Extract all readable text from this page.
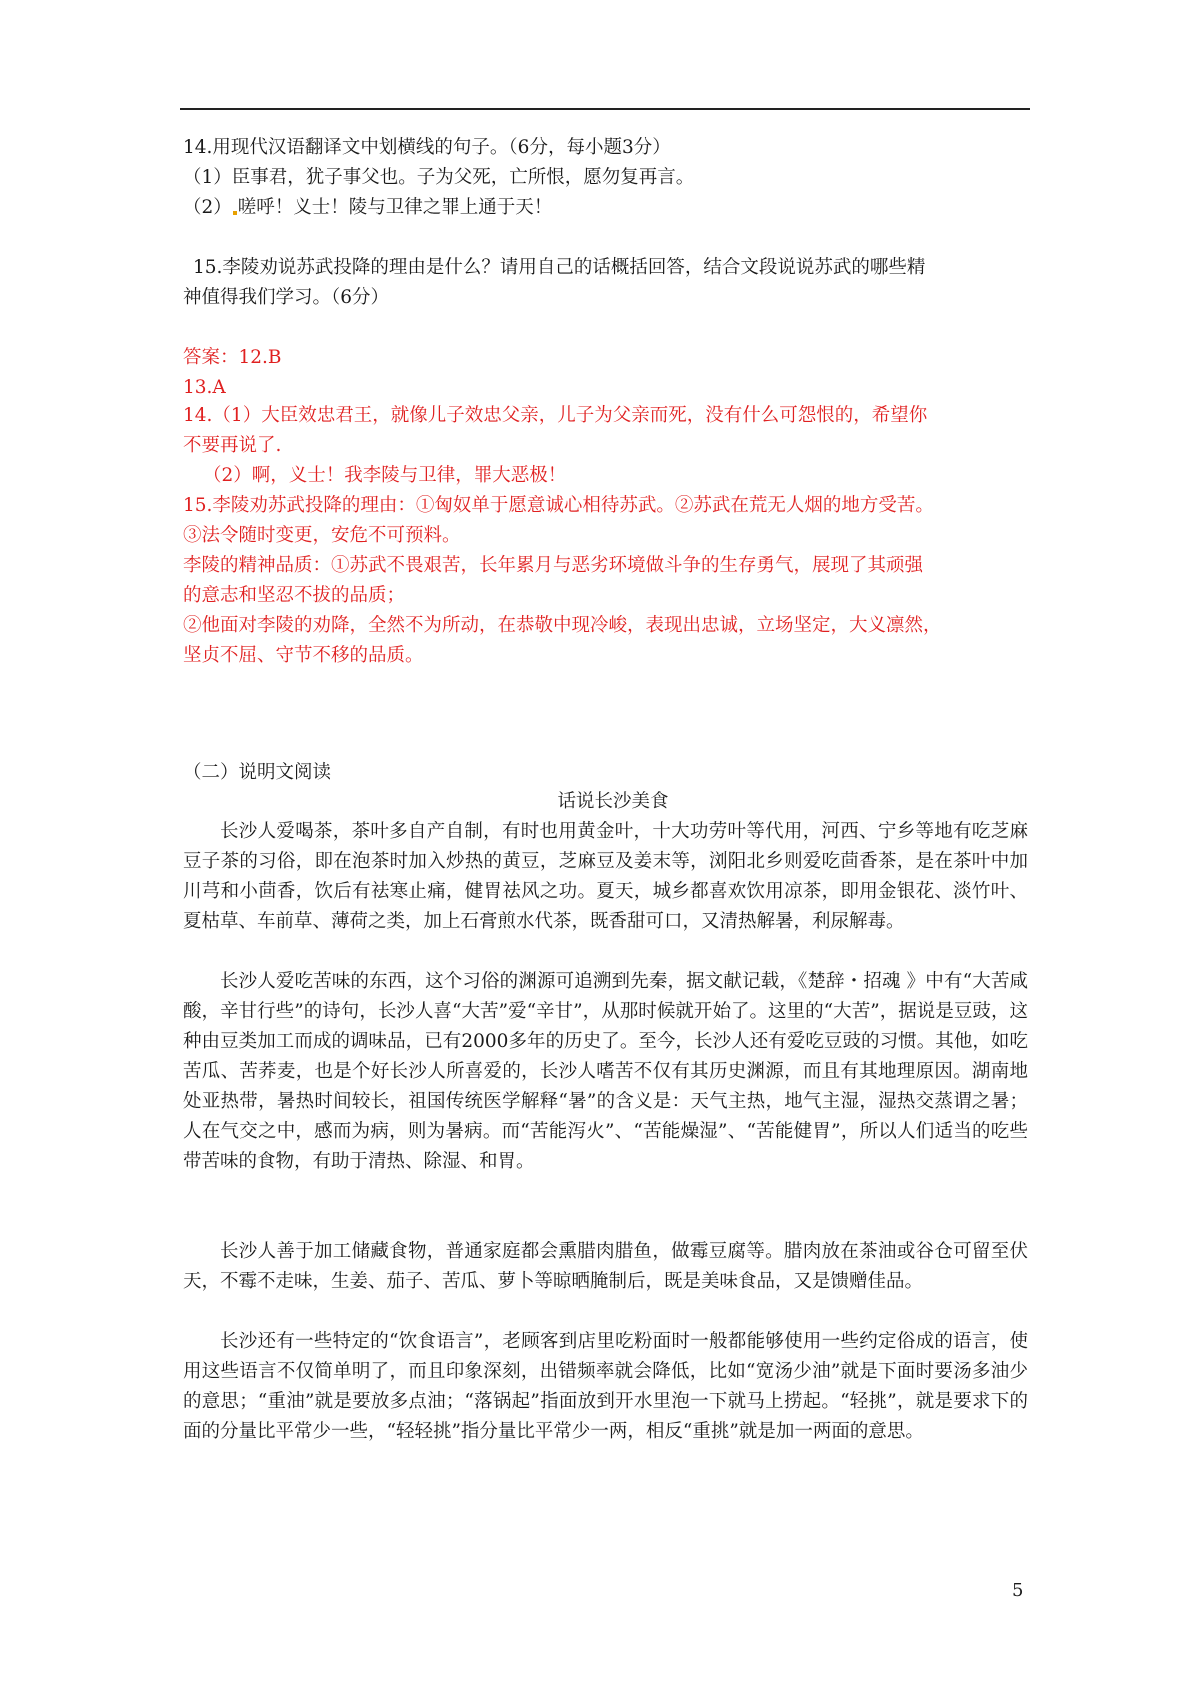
14.用现代汉语翻译文中划横线的句子。（6分，每小题3分）
（1）臣事君，犹子事父也。子为父死，亡所恨，愿勿复再言。
（2） 嗟呼！义士！陵与卫律之罪上通于天！
15.李陵劝说苏武投降的理由是什么？请用自己的话概括回答，结合文段说说苏武的哪些精
神值得我们学习。（6分）
答案：12.B
13.A
14.（1）大臣效忠君王，就像儿子效忠父亲，儿子为父亲而死，没有什么可怨恨的，希望你
不要再说了.
（2）啊，义士！我李陵与卫律，罪大恶极！
15.李陵劝苏武投降的理由：①匈奴单于愿意诚心相待苏武。②苏武在荒无人烟的地方受苦。
③法令随时变更，安危不可预料。
李陵的精神品质：①苏武不畏艰苦，长年累月与恶劣环境做斗争的生存勇气，展现了其顽强
的意志和坚忍不拔的品质；
②他面对李陵的劝降，全然不为所动，在恭敬中现冷峻，表现出忠诚，立场坚定，大义凛然，
坚贞不屈、守节不移的品质。
（二）说明文阅读
话说长沙美食
长沙人爱喝茶，茶叶多自产自制，有时也用黄金叶，十大功劳叶等代用，河西、宁乡等地有吃芝麻豆子茶的习俗，即在泡茶时加入炒热的黄豆，芝麻豆及姜末等，浏阳北乡则爱吃茴香茶，是在茶叶中加川芎和小茴香，饮后有祛寒止痛，健胃祛风之功。夏天，城乡都喜欢饮用凉茶，即用金银花、淡竹叶、夏枯草、车前草、薄荷之类，加上石膏煎水代茶，既香甜可口，又清热解暑，利尿解毒。
长沙人爱吃苦味的东西，这个习俗的渊源可追溯到先秦，据文献记载，《楚辞・招魂 》中有“大苦咸酸，辛甘行些”的诗句，长沙人喜“大苦”爱“辛甘”，从那时候就开始了。这里的“大苦”，据说是豆豉，这种由豆类加工而成的调味品，已有2000多年的历史了。至今，长沙人还有爱吃豆豉的习惯。其他，如吃苦瓜、苦荞麦，也是个好长沙人所喜爱的，长沙人嗜苦不仅有其历史渊源，而且有其地理原因。湖南地处亚热带，暑热时间较长，祖国传统医学解释“暑”的含义是：天气主热，地气主湿，湿热交蒸谓之暑；人在气交之中，感而为病，则为暑病。而“苦能泻火”、“苦能燥湿”、“苦能健胃”，所以人们适当的吃些带苦味的食物，有助于清热、除湿、和胃。
长沙人善于加工储藏食物，普通家庭都会熏腊肉腊鱼，做霉豆腐等。腊肉放在茶油或谷仓可留至伏天，不霉不走味，生姜、茄子、苦瓜、萝卜等晾晒腌制后，既是美味食品，又是馈赠佳品。
长沙还有一些特定的“饮食语言”，老顾客到店里吃粉面时一般都能够使用一些约定俗成的语言，使用这些语言不仅简单明了，而且印象深刻，出错频率就会降低，比如“宽汤少油”就是下面时要汤多油少的意思；“重油”就是要放多点油；“落锅起”指面放到开水里泡一下就马上捞起。“轻挑”，就是要求下的面的分量比平常少一些，“轻轻挑”指分量比平常少一两，相反“重挑”就是加一两面的意思。
5
